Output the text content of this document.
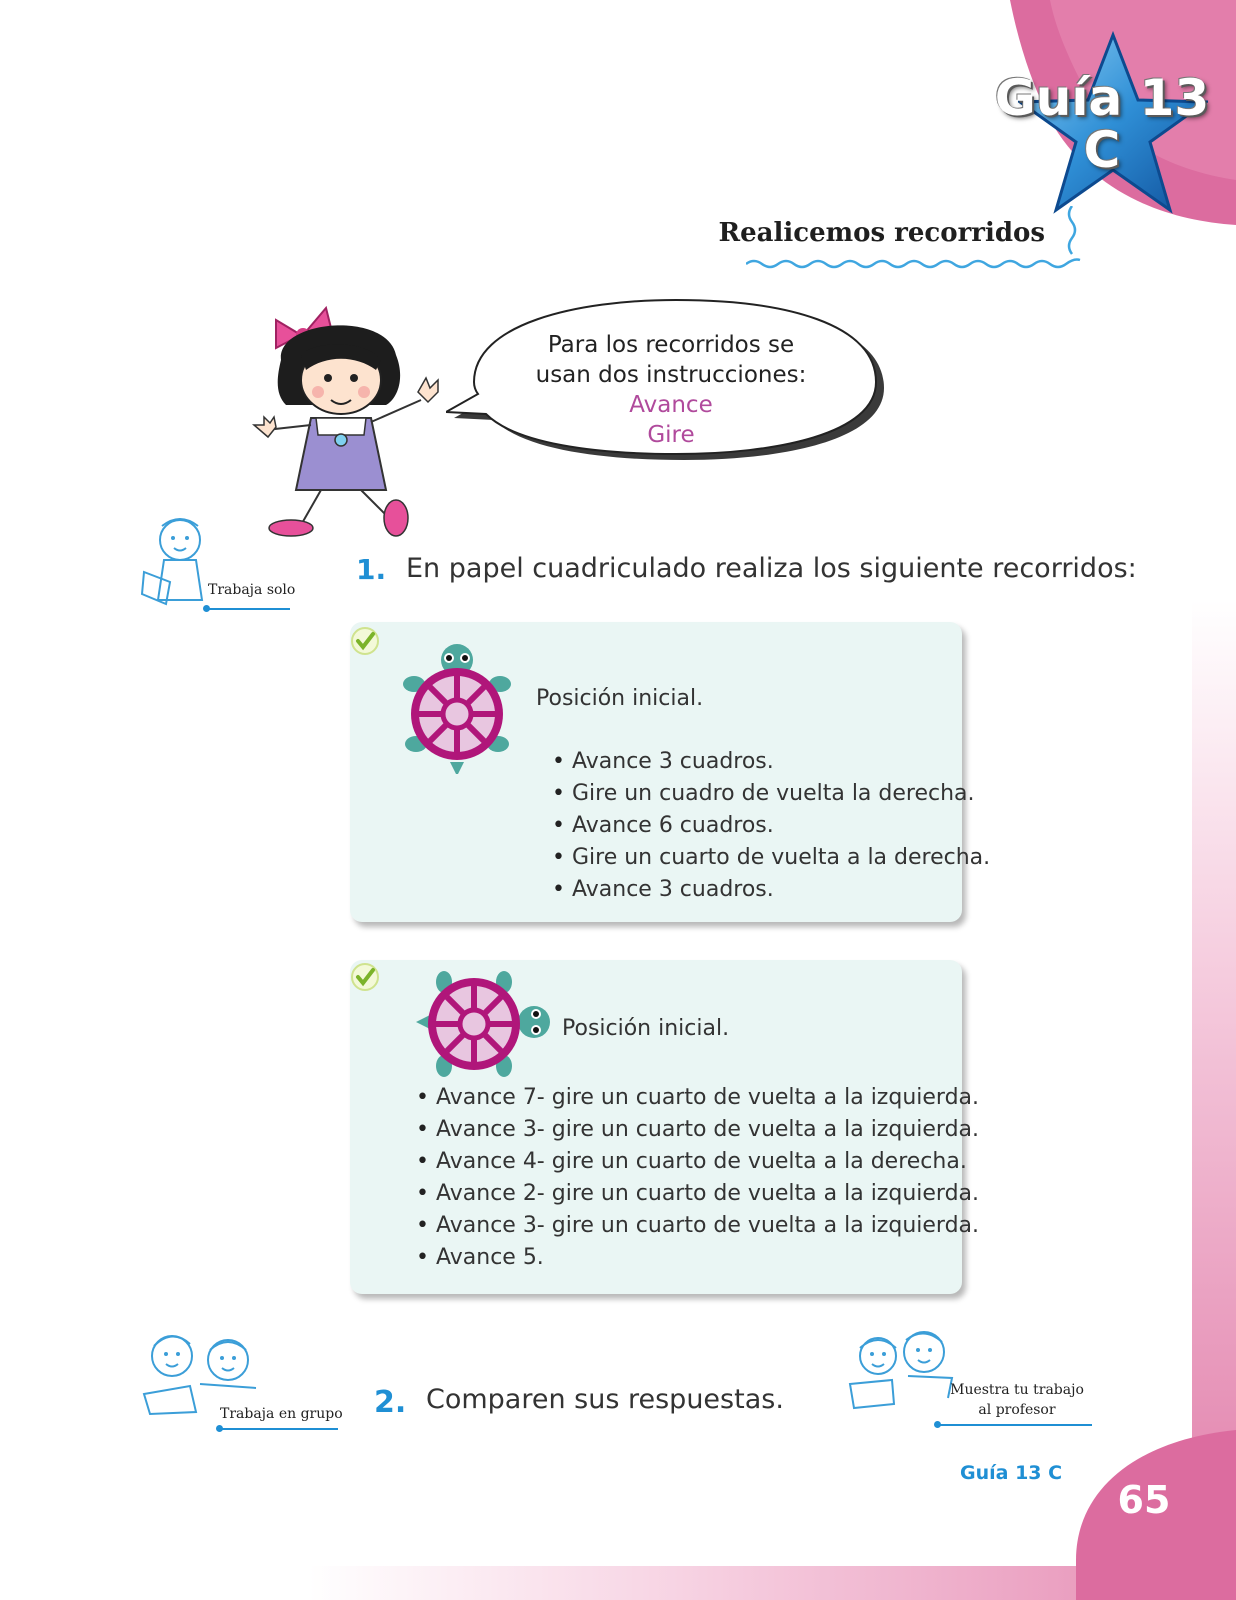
Guía 13
C
Realicemos recorridos
Para los recorridos se
usan dos instrucciones:
Avance
Gire
Trabaja solo
1. En papel cuadriculado realiza los siguiente recorridos:
Posición inicial.
• Avance 3 cuadros.
• Gire un cuadro de vuelta la derecha.
• Avance 6 cuadros.
• Gire un cuarto de vuelta a la derecha.
• Avance 3 cuadros.
Posición inicial.
• Avance 7- gire un cuarto de vuelta a la izquierda.
• Avance 3- gire un cuarto de vuelta a la izquierda.
• Avance 4- gire un cuarto de vuelta a la derecha.
• Avance 2- gire un cuarto de vuelta a la izquierda.
• Avance 3- gire un cuarto de vuelta a la izquierda.
• Avance 5.
Trabaja en grupo 2. Comparen sus respuestas.	Muestra tu trabajo
al profesor
Guía 13 C
65
